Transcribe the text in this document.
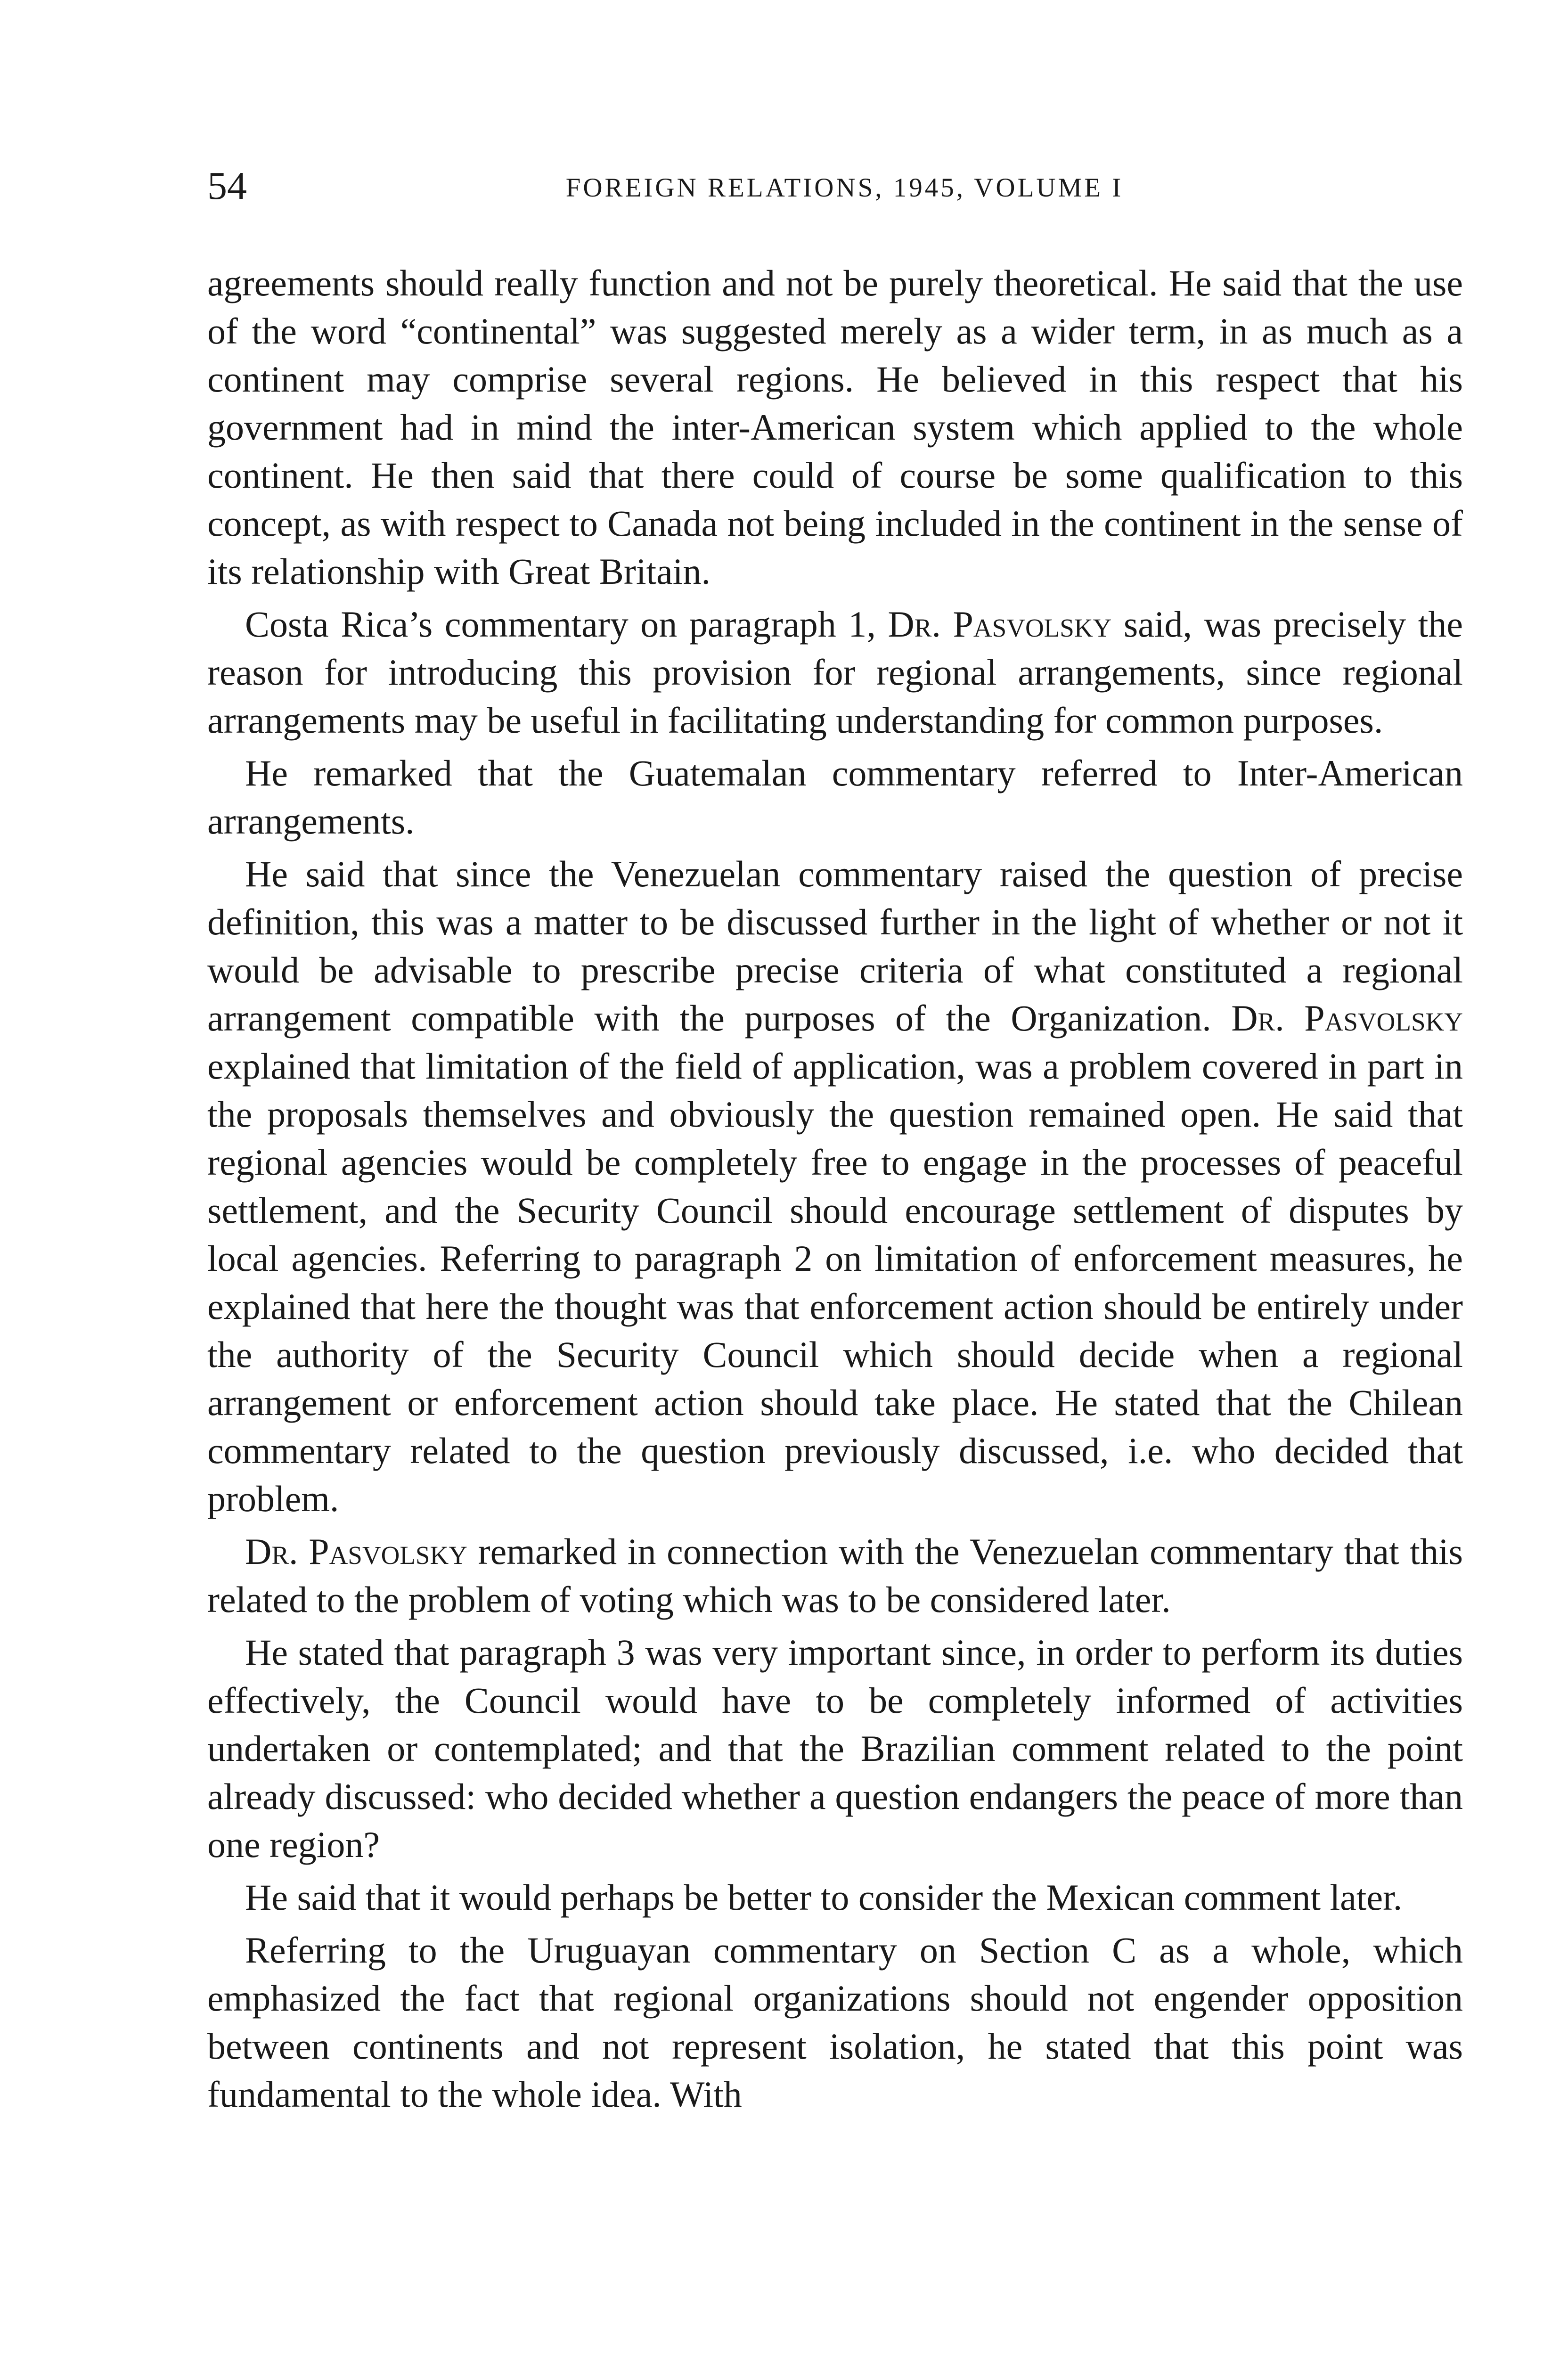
54	FOREIGN RELATIONS, 1945, VOLUME I

agreements should really function and not be purely theoretical. He said that the use of the word “continental” was suggested merely as a wider term, in as much as a continent may comprise several regions. He believed in this respect that his government had in mind the inter-American system which applied to the whole continent. He then said that there could of course be some qualification to this concept, as with respect to Canada not being included in the continent in the sense of its relationship with Great Britain.

Costa Rica’s commentary on paragraph 1, Dr. Pasvolsky said, was precisely the reason for introducing this provision for regional arrangements, since regional arrangements may be useful in facilitating understanding for common purposes.

He remarked that the Guatemalan commentary referred to Inter-American arrangements.

He said that since the Venezuelan commentary raised the question of precise definition, this was a matter to be discussed further in the light of whether or not it would be advisable to prescribe precise criteria of what constituted a regional arrangement compatible with the purposes of the Organization. Dr. Pasvolsky explained that limitation of the field of application, was a problem covered in part in the proposals themselves and obviously the question remained open. He said that regional agencies would be completely free to engage in the processes of peaceful settlement, and the Security Council should encourage settlement of disputes by local agencies. Referring to paragraph 2 on limitation of enforcement measures, he explained that here the thought was that enforcement action should be entirely under the authority of the Security Council which should decide when a regional arrangement or enforcement action should take place. He stated that the Chilean commentary related to the question previously discussed, i.e. who decided that problem.

Dr. Pasvolsky remarked in connection with the Venezuelan commentary that this related to the problem of voting which was to be considered later.

He stated that paragraph 3 was very important since, in order to perform its duties effectively, the Council would have to be completely informed of activities undertaken or contemplated; and that the Brazilian comment related to the point already discussed: who decided whether a question endangers the peace of more than one region?

He said that it would perhaps be better to consider the Mexican comment later.

Referring to the Uruguayan commentary on Section C as a whole, which emphasized the fact that regional organizations should not engender opposition between continents and not represent isolation, he stated that this point was fundamental to the whole idea. With
